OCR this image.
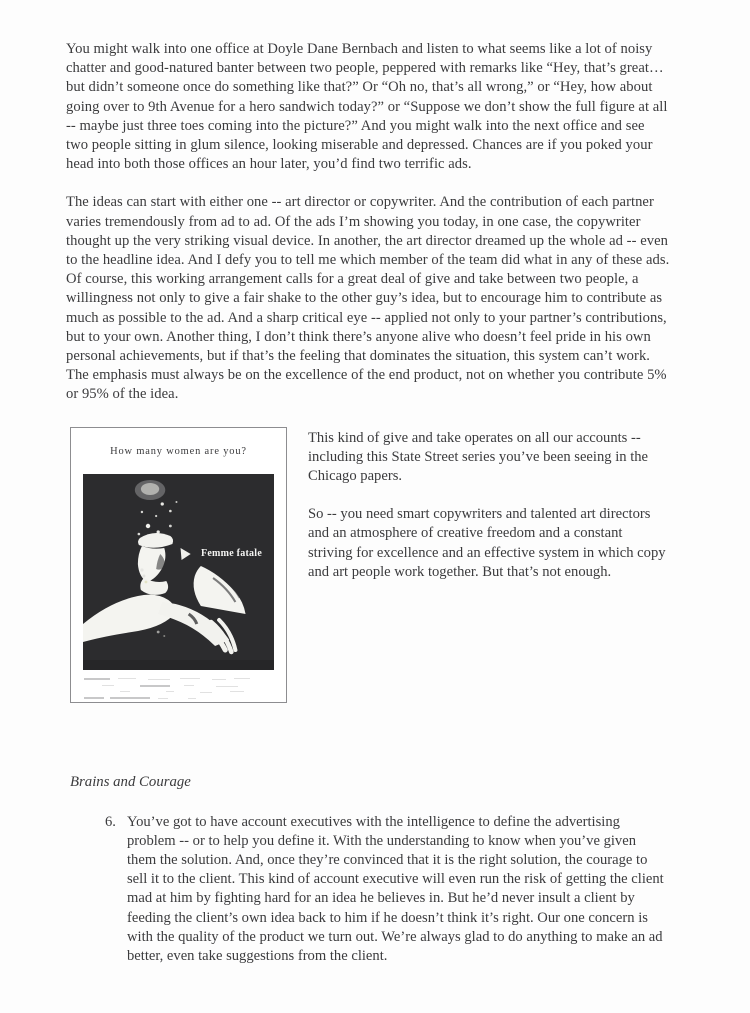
You might walk into one office at Doyle Dane Bernbach and listen to what seems like a lot of noisy chatter and good-natured banter between two people, peppered with remarks like “Hey, that’s great…but didn’t someone once do something like that?” Or “Oh no, that’s all wrong,” or “Hey, how about going over to 9th Avenue for a hero sandwich today?” or “Suppose we don’t show the full figure at all -- maybe just three toes coming into the picture?” And you might walk into the next office and see two people sitting in glum silence, looking miserable and depressed. Chances are if you poked your head into both those offices an hour later, you’d find two terrific ads.

The ideas can start with either one -- art director or copywriter. And the contribution of each partner varies tremendously from ad to ad. Of the ads I’m showing you today, in one case, the copywriter thought up the very striking visual device. In another, the art director dreamed up the whole ad -- even to the headline idea. And I defy you to tell me which member of the team did what in any of these ads. Of course, this working arrangement calls for a great deal of give and take between two people, a willingness not only to give a fair shake to the other guy’s idea, but to encourage him to contribute as much as possible to the ad. And a sharp critical eye -- applied not only to your partner’s contributions, but to your own. Another thing, I don’t think there’s anyone alive who doesn’t feel pride in his own personal achievements, but if that’s the feeling that dominates the situation, this system can’t work. The emphasis must always be on the excellence of the end product, not on whether you contribute 5% or 95% of the idea.

How many women are you?
Femme fatale

This kind of give and take operates on all our accounts -- including this State Street series you’ve been seeing in the Chicago papers.

So -- you need smart copywriters and talented art directors and an atmosphere of creative freedom and a constant striving for excellence and an effective system in which copy and art people work together. But that’s not enough.

Brains and Courage
6. You’ve got to have account executives with the intelligence to define the advertising problem -- or to help you define it. With the understanding to know when you’ve given them the solution. And, once they’re convinced that it is the right solution, the courage to sell it to the client. This kind of account executive will even run the risk of getting the client mad at him by fighting hard for an idea he believes in. But he’d never insult a client by feeding the client’s own idea back to him if he doesn’t think it’s right. Our one concern is with the quality of the product we turn out. We’re always glad to do anything to make an ad better, even take suggestions from the client.
